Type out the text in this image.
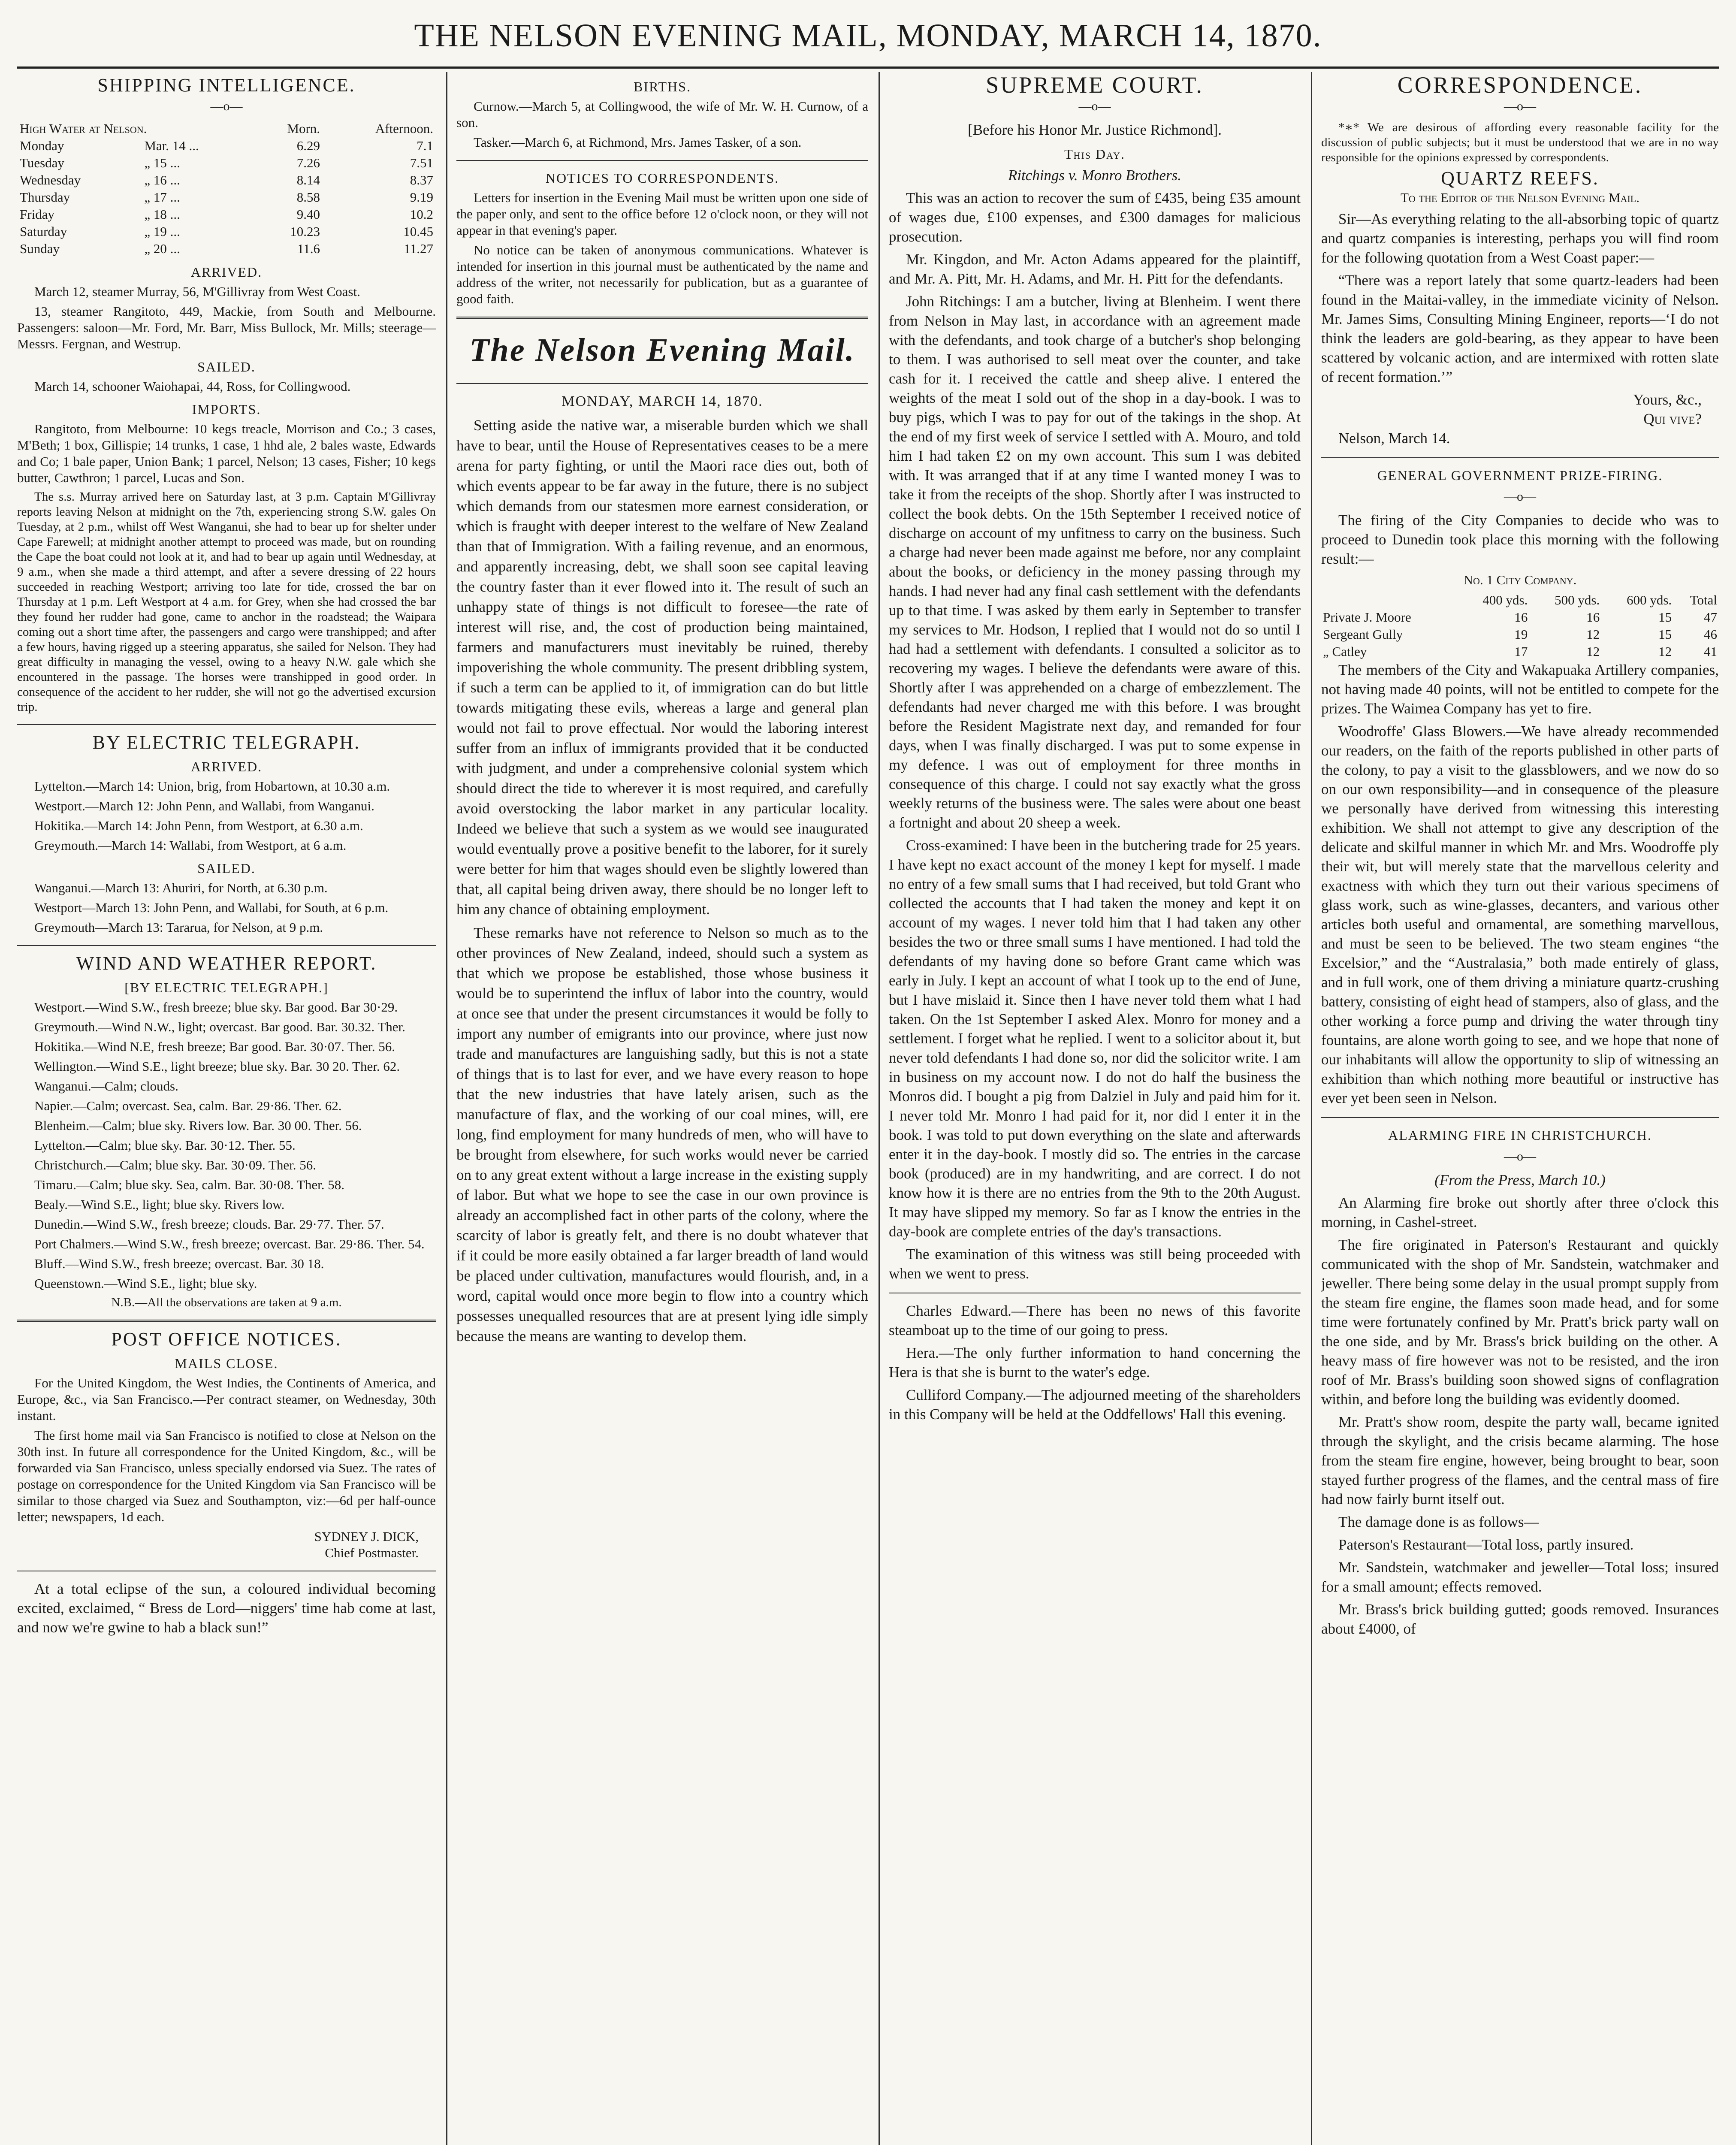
THE NELSON EVENING MAIL, MONDAY, MARCH 14, 1870.
SHIPPING INTELLIGENCE.
—o—
High Water at Nelson.		Morn.	Afternoon.
Monday	Mar. 14 ...	6.29	7.1
Tuesday	„ 15 ...	7.26	7.51
Wednesday	„ 16 ...	8.14	8.37
Thursday	„ 17 ...	8.58	9.19
Friday	„ 18 ...	9.40	10.2
Saturday	„ 19 ...	10.23	10.45
Sunday	„ 20 ...	11.6	11.27
ARRIVED.

March 12, steamer Murray, 56, M'Gillivray from West Coast.

13, steamer Rangitoto, 449, Mackie, from South and Melbourne. Passengers: saloon—Mr. Ford, Mr. Barr, Miss Bullock, Mr. Mills; steerage—Messrs. Fergnan, and Westrup.

SAILED.

March 14, schooner Waiohapai, 44, Ross, for Collingwood.

IMPORTS.

Rangitoto, from Melbourne: 10 kegs treacle, Morrison and Co.; 3 cases, M'Beth; 1 box, Gillispie; 14 trunks, 1 case, 1 hhd ale, 2 bales waste, Edwards and Co; 1 bale paper, Union Bank; 1 parcel, Nelson; 13 cases, Fisher; 10 kegs butter, Cawthron; 1 parcel, Lucas and Son.

The s.s. Murray arrived here on Saturday last, at 3 p.m. Captain M'Gillivray reports leaving Nelson at midnight on the 7th, experiencing strong S.W. gales On Tuesday, at 2 p.m., whilst off West Wanganui, she had to bear up for shelter under Cape Farewell; at midnight another attempt to proceed was made, but on rounding the Cape the boat could not look at it, and had to bear up again until Wednesday, at 9 a.m., when she made a third attempt, and after a severe dressing of 22 hours succeeded in reaching Westport; arriving too late for tide, crossed the bar on Thursday at 1 p.m. Left Westport at 4 a.m. for Grey, when she had crossed the bar they found her rudder had gone, came to anchor in the roadstead; the Waipara coming out a short time after, the passengers and cargo were transhipped; and after a few hours, having rigged up a steering apparatus, she sailed for Nelson. They had great difficulty in managing the vessel, owing to a heavy N.W. gale which she encountered in the passage. The horses were transhipped in good order. In consequence of the accident to her rudder, she will not go the advertised excursion trip.

BY ELECTRIC TELEGRAPH.
ARRIVED.

Lyttelton.—March 14: Union, brig, from Hobartown, at 10.30 a.m.

Westport.—March 12: John Penn, and Wallabi, from Wanganui.

Hokitika.—March 14: John Penn, from Westport, at 6.30 a.m.

Greymouth.—March 14: Wallabi, from Westport, at 6 a.m.

SAILED.

Wanganui.—March 13: Ahuriri, for North, at 6.30 p.m.

Westport—March 13: John Penn, and Wallabi, for South, at 6 p.m.

Greymouth—March 13: Tararua, for Nelson, at 9 p.m.

WIND AND WEATHER REPORT.
[BY ELECTRIC TELEGRAPH.]

Westport.—Wind S.W., fresh breeze; blue sky. Bar good. Bar 30·29.

Greymouth.—Wind N.W., light; overcast. Bar good. Bar. 30.32. Ther.

Hokitika.—Wind N.E, fresh breeze; Bar good. Bar. 30·07. Ther. 56.

Wellington.—Wind S.E., light breeze; blue sky. Bar. 30 20. Ther. 62.

Wanganui.—Calm; clouds.

Napier.—Calm; overcast. Sea, calm. Bar. 29·86. Ther. 62.

Blenheim.—Calm; blue sky. Rivers low. Bar. 30 00. Ther. 56.

Lyttelton.—Calm; blue sky. Bar. 30·12. Ther. 55.

Christchurch.—Calm; blue sky. Bar. 30·09. Ther. 56.

Timaru.—Calm; blue sky. Sea, calm. Bar. 30·08. Ther. 58.

Bealy.—Wind S.E., light; blue sky. Rivers low.

Dunedin.—Wind S.W., fresh breeze; clouds. Bar. 29·77. Ther. 57.

Port Chalmers.—Wind S.W., fresh breeze; overcast. Bar. 29·86. Ther. 54.

Bluff.—Wind S.W., fresh breeze; overcast. Bar. 30 18.

Queenstown.—Wind S.E., light; blue sky.

N.B.—All the observations are taken at 9 a.m.

POST OFFICE NOTICES.
MAILS CLOSE.

For the United Kingdom, the West Indies, the Continents of America, and Europe, &c., via San Francisco.—Per contract steamer, on Wednesday, 30th instant.

The first home mail via San Francisco is notified to close at Nelson on the 30th inst. In future all correspondence for the United Kingdom, &c., will be forwarded via San Francisco, unless specially endorsed via Suez. The rates of postage on correspondence for the United Kingdom via San Francisco will be similar to those charged via Suez and Southampton, viz:—6d per half-ounce letter; newspapers, 1d each.

SYDNEY J. DICK,
Chief Postmaster.

At a total eclipse of the sun, a coloured individual becoming excited, exclaimed, “ Bress de Lord—niggers' time hab come at last, and now we're gwine to hab a black sun!”

BIRTHS.

Curnow.—March 5, at Collingwood, the wife of Mr. W. H. Curnow, of a son.

Tasker.—March 6, at Richmond, Mrs. James Tasker, of a son.

NOTICES TO CORRESPONDENTS.

Letters for insertion in the Evening Mail must be written upon one side of the paper only, and sent to the office before 12 o'clock noon, or they will not appear in that evening's paper.

No notice can be taken of anonymous communications. Whatever is intended for insertion in this journal must be authenticated by the name and address of the writer, not necessarily for publication, but as a guarantee of good faith.

The Nelson Evening Mail.
MONDAY, MARCH 14, 1870.

Setting aside the native war, a miserable burden which we shall have to bear, until the House of Representatives ceases to be a mere arena for party fighting, or until the Maori race dies out, both of which events appear to be far away in the future, there is no subject which demands from our statesmen more earnest consideration, or which is fraught with deeper interest to the welfare of New Zealand than that of Immigration. With a failing revenue, and an enormous, and apparently increasing, debt, we shall soon see capital leaving the country faster than it ever flowed into it. The result of such an unhappy state of things is not difficult to foresee—the rate of interest will rise, and, the cost of production being maintained, farmers and manufacturers must inevitably be ruined, thereby impoverishing the whole community. The present dribbling system, if such a term can be applied to it, of immigration can do but little towards mitigating these evils, whereas a large and general plan would not fail to prove effectual. Nor would the laboring interest suffer from an influx of immigrants provided that it be conducted with judgment, and under a comprehensive colonial system which should direct the tide to wherever it is most required, and carefully avoid overstocking the labor market in any particular locality. Indeed we believe that such a system as we would see inaugurated would eventually prove a positive benefit to the laborer, for it surely were better for him that wages should even be slightly lowered than that, all capital being driven away, there should be no longer left to him any chance of obtaining employment.

These remarks have not reference to Nelson so much as to the other provinces of New Zealand, indeed, should such a system as that which we propose be established, those whose business it would be to superintend the influx of labor into the country, would at once see that under the present circumstances it would be folly to import any number of emigrants into our province, where just now trade and manufactures are languishing sadly, but this is not a state of things that is to last for ever, and we have every reason to hope that the new industries that have lately arisen, such as the manufacture of flax, and the working of our coal mines, will, ere long, find employment for many hundreds of men, who will have to be brought from elsewhere, for such works would never be carried on to any great extent without a large increase in the existing supply of labor. But what we hope to see the case in our own province is already an accomplished fact in other parts of the colony, where the scarcity of labor is greatly felt, and there is no doubt whatever that if it could be more easily obtained a far larger breadth of land would be placed under cultivation, manufactures would flourish, and, in a word, capital would once more begin to flow into a country which possesses unequalled resources that are at present lying idle simply because the means are wanting to develop them.

SUPREME COURT.
—o—

[Before his Honor Mr. Justice Richmond].

This Day.

Ritchings v. Monro Brothers.

This was an action to recover the sum of £435, being £35 amount of wages due, £100 expenses, and £300 damages for malicious prosecution.

Mr. Kingdon, and Mr. Acton Adams appeared for the plaintiff, and Mr. A. Pitt, Mr. H. Adams, and Mr. H. Pitt for the defendants.

John Ritchings: I am a butcher, living at Blenheim. I went there from Nelson in May last, in accordance with an agreement made with the defendants, and took charge of a butcher's shop belonging to them. I was authorised to sell meat over the counter, and take cash for it. I received the cattle and sheep alive. I entered the weights of the meat I sold out of the shop in a day-book. I was to buy pigs, which I was to pay for out of the takings in the shop. At the end of my first week of service I settled with A. Mouro, and told him I had taken £2 on my own account. This sum I was debited with. It was arranged that if at any time I wanted money I was to take it from the receipts of the shop. Shortly after I was instructed to collect the book debts. On the 15th September I received notice of discharge on account of my unfitness to carry on the business. Such a charge had never been made against me before, nor any complaint about the books, or deficiency in the money passing through my hands. I had never had any final cash settlement with the defendants up to that time. I was asked by them early in September to transfer my services to Mr. Hodson, I replied that I would not do so until I had had a settlement with defendants. I consulted a solicitor as to recovering my wages. I believe the defendants were aware of this. Shortly after I was apprehended on a charge of embezzlement. The defendants had never charged me with this before. I was brought before the Resident Magistrate next day, and remanded for four days, when I was finally discharged. I was put to some expense in my defence. I was out of employment for three months in consequence of this charge. I could not say exactly what the gross weekly returns of the business were. The sales were about one beast a fortnight and about 20 sheep a week.

Cross-examined: I have been in the butchering trade for 25 years. I have kept no exact account of the money I kept for myself. I made no entry of a few small sums that I had received, but told Grant who collected the accounts that I had taken the money and kept it on account of my wages. I never told him that I had taken any other besides the two or three small sums I have mentioned. I had told the defendants of my having done so before Grant came which was early in July. I kept an account of what I took up to the end of June, but I have mislaid it. Since then I have never told them what I had taken. On the 1st September I asked Alex. Monro for money and a settlement. I forget what he replied. I went to a solicitor about it, but never told defendants I had done so, nor did the solicitor write. I am in business on my account now. I do not do half the business the Monros did. I bought a pig from Dalziel in July and paid him for it. I never told Mr. Monro I had paid for it, nor did I enter it in the book. I was told to put down everything on the slate and afterwards enter it in the day-book. I mostly did so. The entries in the carcase book (produced) are in my handwriting, and are correct. I do not know how it is there are no entries from the 9th to the 20th August. It may have slipped my memory. So far as I know the entries in the day-book are complete entries of the day's transactions.

The examination of this witness was still being proceeded with when we went to press.

Charles Edward.—There has been no news of this favorite steamboat up to the time of our going to press.

Hera.—The only further information to hand concerning the Hera is that she is burnt to the water's edge.

Culliford Company.—The adjourned meeting of the shareholders in this Company will be held at the Oddfellows' Hall this evening.

CORRESPONDENCE.
—o—

*∗* We are desirous of affording every reasonable facility for the discussion of public subjects; but it must be understood that we are in no way responsible for the opinions expressed by correspondents.

QUARTZ REEFS.

To the Editor of the Nelson Evening Mail.

Sir—As everything relating to the all-absorbing topic of quartz and quartz companies is interesting, perhaps you will find room for the following quotation from a West Coast paper:—

“There was a report lately that some quartz-leaders had been found in the Maitai-valley, in the immediate vicinity of Nelson. Mr. James Sims, Consulting Mining Engineer, reports—‘I do not think the leaders are gold-bearing, as they appear to have been scattered by volcanic action, and are intermixed with rotten slate of recent formation.’”

Yours, &c.,
Qui vive?

Nelson, March 14.

GENERAL GOVERNMENT PRIZE-FIRING.
—o—

The firing of the City Companies to decide who was to proceed to Dunedin took place this morning with the following result:—

No. 1 City Company.

	400 yds.	500 yds.	600 yds.	Total
Private J. Moore	16	16	15	47
Sergeant Gully	19	12	15	46
„ Catley	17	12	12	41

The members of the City and Wakapuaka Artillery companies, not having made 40 points, will not be entitled to compete for the prizes. The Waimea Company has yet to fire.

Woodroffe' Glass Blowers.—We have already recommended our readers, on the faith of the reports published in other parts of the colony, to pay a visit to the glassblowers, and we now do so on our own responsibility—and in consequence of the pleasure we personally have derived from witnessing this interesting exhibition. We shall not attempt to give any description of the delicate and skilful manner in which Mr. and Mrs. Woodroffe ply their wit, but will merely state that the marvellous celerity and exactness with which they turn out their various specimens of glass work, such as wine-glasses, decanters, and various other articles both useful and ornamental, are something marvellous, and must be seen to be believed. The two steam engines “the Excelsior,” and the “Australasia,” both made entirely of glass, and in full work, one of them driving a miniature quartz-crushing battery, consisting of eight head of stampers, also of glass, and the other working a force pump and driving the water through tiny fountains, are alone worth going to see, and we hope that none of our inhabitants will allow the opportunity to slip of witnessing an exhibition than which nothing more beautiful or instructive has ever yet been seen in Nelson.

ALARMING FIRE IN CHRISTCHURCH.
—o—

(From the Press, March 10.)

An Alarming fire broke out shortly after three o'clock this morning, in Cashel-street.

The fire originated in Paterson's Restaurant and quickly communicated with the shop of Mr. Sandstein, watchmaker and jeweller. There being some delay in the usual prompt supply from the steam fire engine, the flames soon made head, and for some time were fortunately confined by Mr. Pratt's brick party wall on the one side, and by Mr. Brass's brick building on the other. A heavy mass of fire however was not to be resisted, and the iron roof of Mr. Brass's building soon showed signs of conflagration within, and before long the building was evidently doomed.

Mr. Pratt's show room, despite the party wall, became ignited through the skylight, and the crisis became alarming. The hose from the steam fire engine, however, being brought to bear, soon stayed further progress of the flames, and the central mass of fire had now fairly burnt itself out.

The damage done is as follows—

Paterson's Restaurant—Total loss, partly insured.

Mr. Sandstein, watchmaker and jeweller—Total loss; insured for a small amount; effects removed.

Mr. Brass's brick building gutted; goods removed. Insurances about £4000, of
